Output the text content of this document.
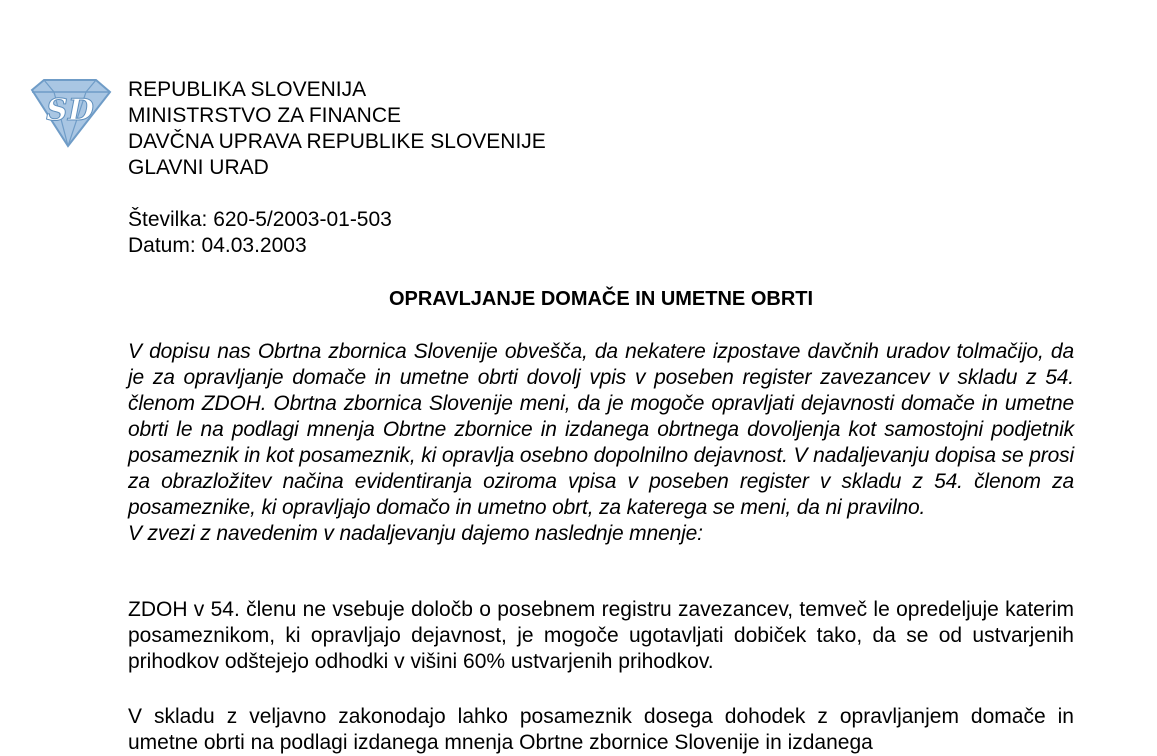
SD
REPUBLIKA SLOVENIJA
MINISTRSTVO ZA FINANCE
DAVČNA UPRAVA REPUBLIKE SLOVENIJE
GLAVNI URAD
Številka: 620-5/2003-01-503
Datum: 04.03.2003
OPRAVLJANJE DOMAČE IN UMETNE OBRTI
V dopisu nas Obrtna zbornica Slovenije obvešča, da nekatere izpostave davčnih uradov tolmačijo, da je za opravljanje domače in umetne obrti dovolj vpis v poseben register zavezancev v skladu z 54. členom ZDOH. Obrtna zbornica Slovenije meni, da je mogoče opravljati dejavnosti domače in umetne obrti le na podlagi mnenja Obrtne zbornice in izdanega obrtnega dovoljenja kot samostojni podjetnik posameznik in kot posameznik, ki opravlja osebno dopolnilno dejavnost. V nadaljevanju dopisa se prosi za obrazložitev načina evidentiranja oziroma vpisa v poseben register v skladu z 54. členom za posameznike, ki opravljajo domačo in umetno obrt, za katerega se meni, da ni pravilno.
V zvezi z navedenim v nadaljevanju dajemo naslednje mnenje:
ZDOH v 54. členu ne vsebuje določb o posebnem registru zavezancev, temveč le opredeljuje katerim posameznikom, ki opravljajo dejavnost, je mogoče ugotavljati dobiček tako, da se od ustvarjenih prihodkov odštejejo odhodki v višini 60% ustvarjenih prihodkov.
V skladu z veljavno zakonodajo lahko posameznik dosega dohodek z opravljanjem domače in umetne obrti na podlagi izdanega mnenja Obrtne zbornice Slovenije in izdanega
